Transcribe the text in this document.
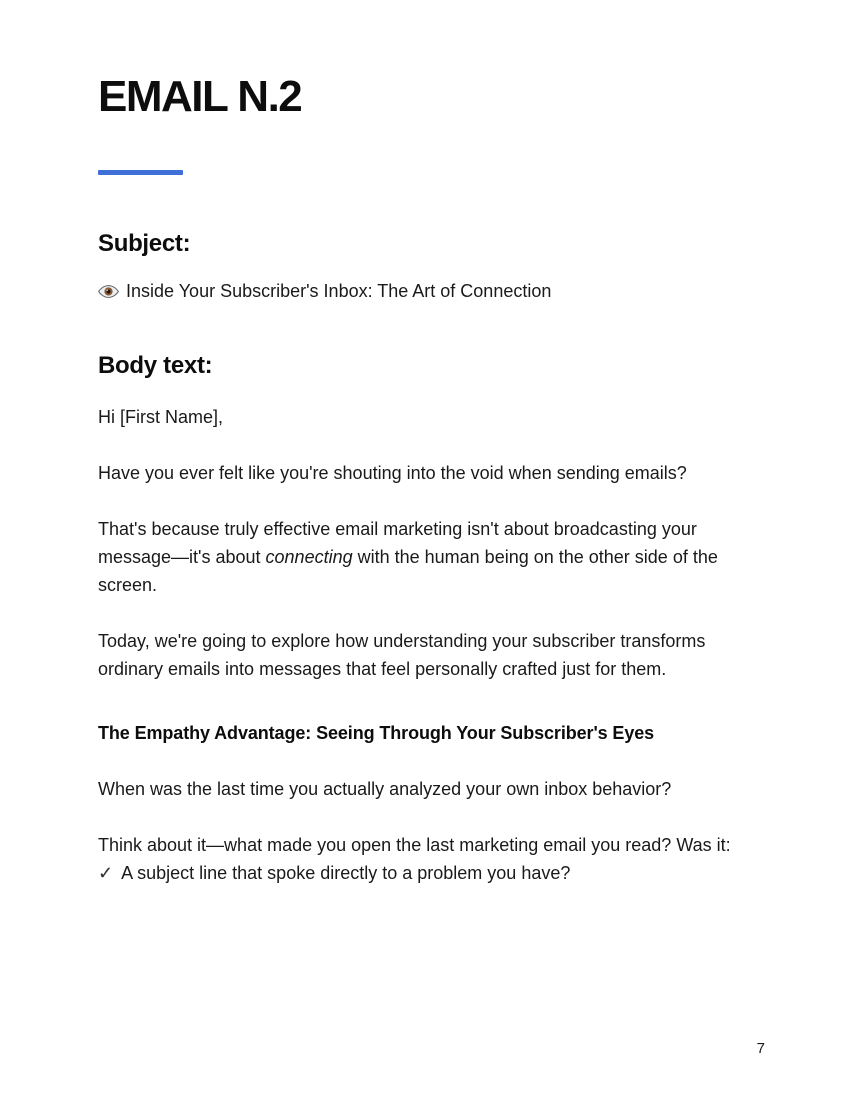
EMAIL N.2
Subject:

Inside Your Subscriber's Inbox: The Art of Connection

Body text:

Hi [First Name],

Have you ever felt like you're shouting into the void when sending emails?

That's because truly effective email marketing isn't about broadcasting your message—it's about connecting with the human being on the other side of the screen.

Today, we're going to explore how understanding your subscriber transforms ordinary emails into messages that feel personally crafted just for them.

The Empathy Advantage: Seeing Through Your Subscriber's Eyes

When was the last time you actually analyzed your own inbox behavior?

Think about it—what made you open the last marketing email you read? Was it:

✓ A subject line that spoke directly to a problem you have?

7
